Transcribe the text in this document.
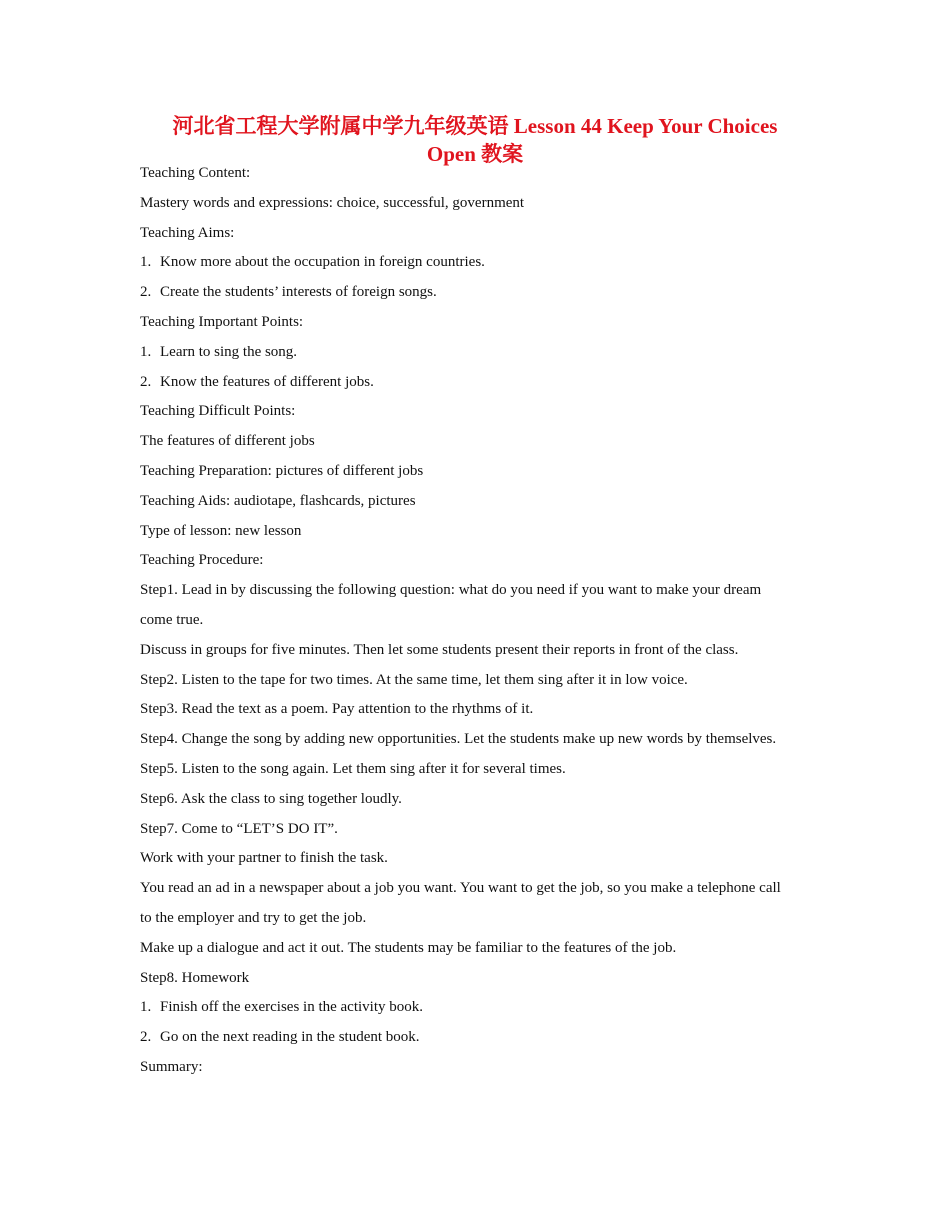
河北省工程大学附属中学九年级英语 Lesson 44 Keep Your Choices
Open 教案

Teaching Content:

Mastery words and expressions: choice, successful, government

Teaching Aims:

1. Know more about the occupation in foreign countries.

2. Create the students’ interests of foreign songs.

Teaching Important Points:

1. Learn to sing the song.

2. Know the features of different jobs.

Teaching Difficult Points:

The features of different jobs

Teaching Preparation: pictures of different jobs

Teaching Aids: audiotape, flashcards, pictures

Type of lesson: new lesson

Teaching Procedure:

Step1. Lead in by discussing the following question: what do you need if you want to make your dream

come true.

Discuss in groups for five minutes. Then let some students present their reports in front of the class.

Step2. Listen to the tape for two times. At the same time, let them sing after it in low voice.

Step3. Read the text as a poem. Pay attention to the rhythms of it.

Step4. Change the song by adding new opportunities. Let the students make up new words by themselves.

Step5. Listen to the song again. Let them sing after it for several times.

Step6. Ask the class to sing together loudly.

Step7. Come to “LET’S DO IT”.

Work with your partner to finish the task.

You read an ad in a newspaper about a job you want. You want to get the job, so you make a telephone call

to the employer and try to get the job.

Make up a dialogue and act it out. The students may be familiar to the features of the job.

Step8. Homework

1. Finish off the exercises in the activity book.

2. Go on the next reading in the student book.

Summary:
